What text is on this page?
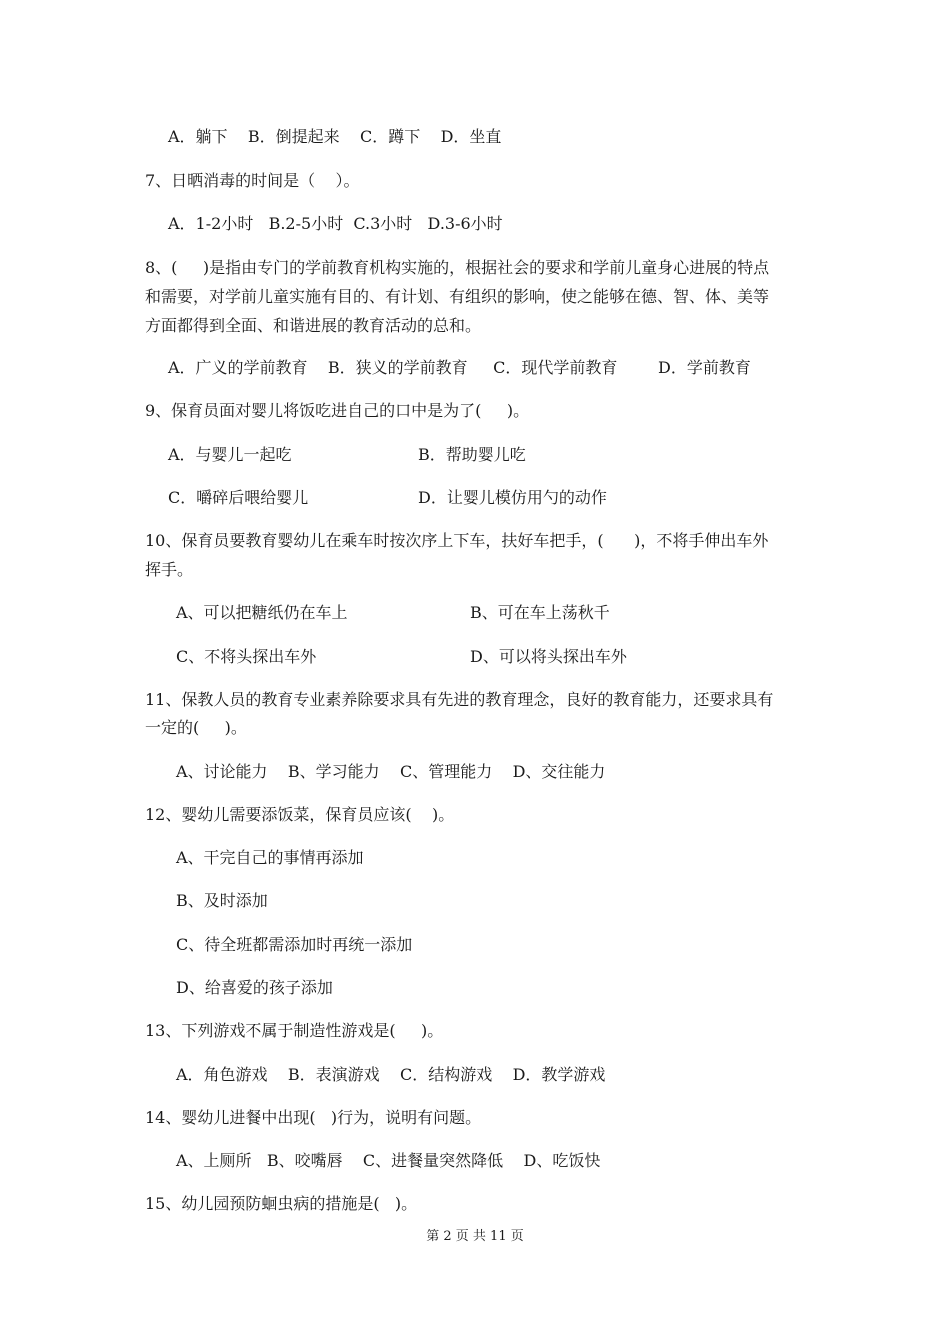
A．躺下    B．倒提起来    C．蹲下    D．坐直
7、日晒消毒的时间是（    ）。
A．1-2小时   B.2-5小时  C.3小时   D.3-6小时
8、(     )是指由专门的学前教育机构实施的，根据社会的要求和学前儿童身心进展的特点
和需要，对学前儿童实施有目的、有计划、有组织的影响，使之能够在德、智、体、美等
方面都得到全面、和谐进展的教育活动的总和。
A．广义的学前教育    B．狭义的学前教育     C．现代学前教育        D．学前教育
9、保育员面对婴儿将饭吃进自己的口中是为了(     )。
A．与婴儿一起吃	B．帮助婴儿吃
C．嚼碎后喂给婴儿	D．让婴儿模仿用勺的动作
10、保育员要教育婴幼儿在乘车时按次序上下车，扶好车把手，(      )，不将手伸出车外
挥手。
A、可以把糖纸仍在车上	B、可在车上荡秋千
C、不将头探出车外	D、可以将头探出车外
11、保教人员的教育专业素养除要求具有先进的教育理念，良好的教育能力，还要求具有
一定的(     )。
A、讨论能力    B、学习能力    C、管理能力    D、交往能力
12、婴幼儿需要添饭菜，保育员应该(    )。
A、干完自己的事情再添加
B、及时添加
C、待全班都需添加时再统一添加
D、给喜爱的孩子添加
13、下列游戏不属于制造性游戏是(     )。
A．角色游戏    B．表演游戏    C．结构游戏    D．教学游戏
14、婴幼儿进餐中出现(   )行为，说明有问题。
A、上厕所   B、咬嘴唇    C、进餐量突然降低    D、吃饭快
15、幼儿园预防蛔虫病的措施是(   )。
第 2 页 共 11 页
